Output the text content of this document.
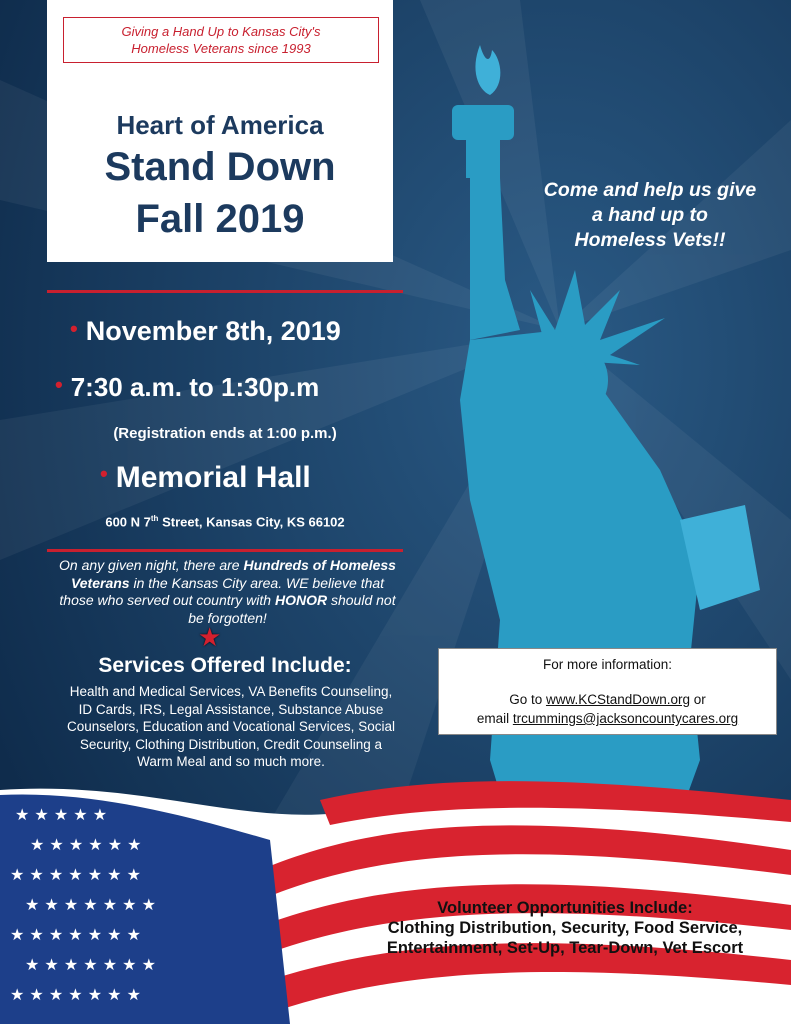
★ ★ ★ ★ ★
★ ★ ★ ★ ★ ★
★ ★ ★ ★ ★ ★ ★
★ ★ ★ ★ ★ ★ ★
★ ★ ★ ★ ★ ★ ★
★ ★ ★ ★ ★ ★ ★
★ ★ ★ ★ ★ ★ ★
Giving a Hand Up to Kansas City's
Homeless Veterans since 1993
Heart of America
Stand Down
Fall 2019
• November 8th, 2019
• 7:30 a.m. to 1:30p.m
(Registration ends at 1:00 p.m.)
• Memorial Hall
600 N 7th Street, Kansas City, KS 66102
On any given night, there are Hundreds of Homeless Veterans in the Kansas City area. WE believe that those who served out country with HONOR should not be forgotten!
★
Services Offered Include:
Health and Medical Services, VA Benefits Counseling, ID Cards, IRS, Legal Assistance, Substance Abuse Counselors, Education and Vocational Services, Social Security, Clothing Distribution, Credit Counseling a Warm Meal and so much more.
Come and help us give
a hand up to
Homeless Vets!!
For more information:
Go to www.KCStandDown.org or
email trcummings@jacksoncountycares.org
Volunteer Opportunities Include:
Clothing Distribution, Security, Food Service, Entertainment, Set-Up, Tear-Down, Vet Escort
